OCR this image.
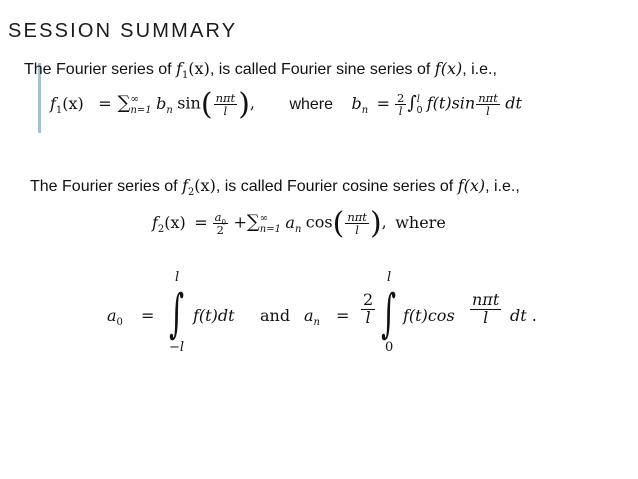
SESSION SUMMARY
The Fourier series of $f_1(x)$, is called Fourier sine series of f(x), i.e.,
$f_1(x)$ = ∑ ∞
n=1 $b_n$ $\sin( \frac{\text{nπt}}{l}$ ), where $b_n = \frac{2}{l}$ ∫ l
0 $f(t)\sin \frac{\text{nπt}}{l}$ dt
The Fourier series of $f_2(x)$, is called Fourier cosine series of f(x), i.e.,
$f_2(x) = \frac{a_0}{2}$ +∑ ∞
n=1 $a_n$ $\cos( \frac{\text{nπt}}{l}$ ), where
$a_0$ =
l
∫
−l
f(t)dt and $a_n = \frac{2}{l}$
l
∫
0
f(t)cos
nπt
l	dt .
